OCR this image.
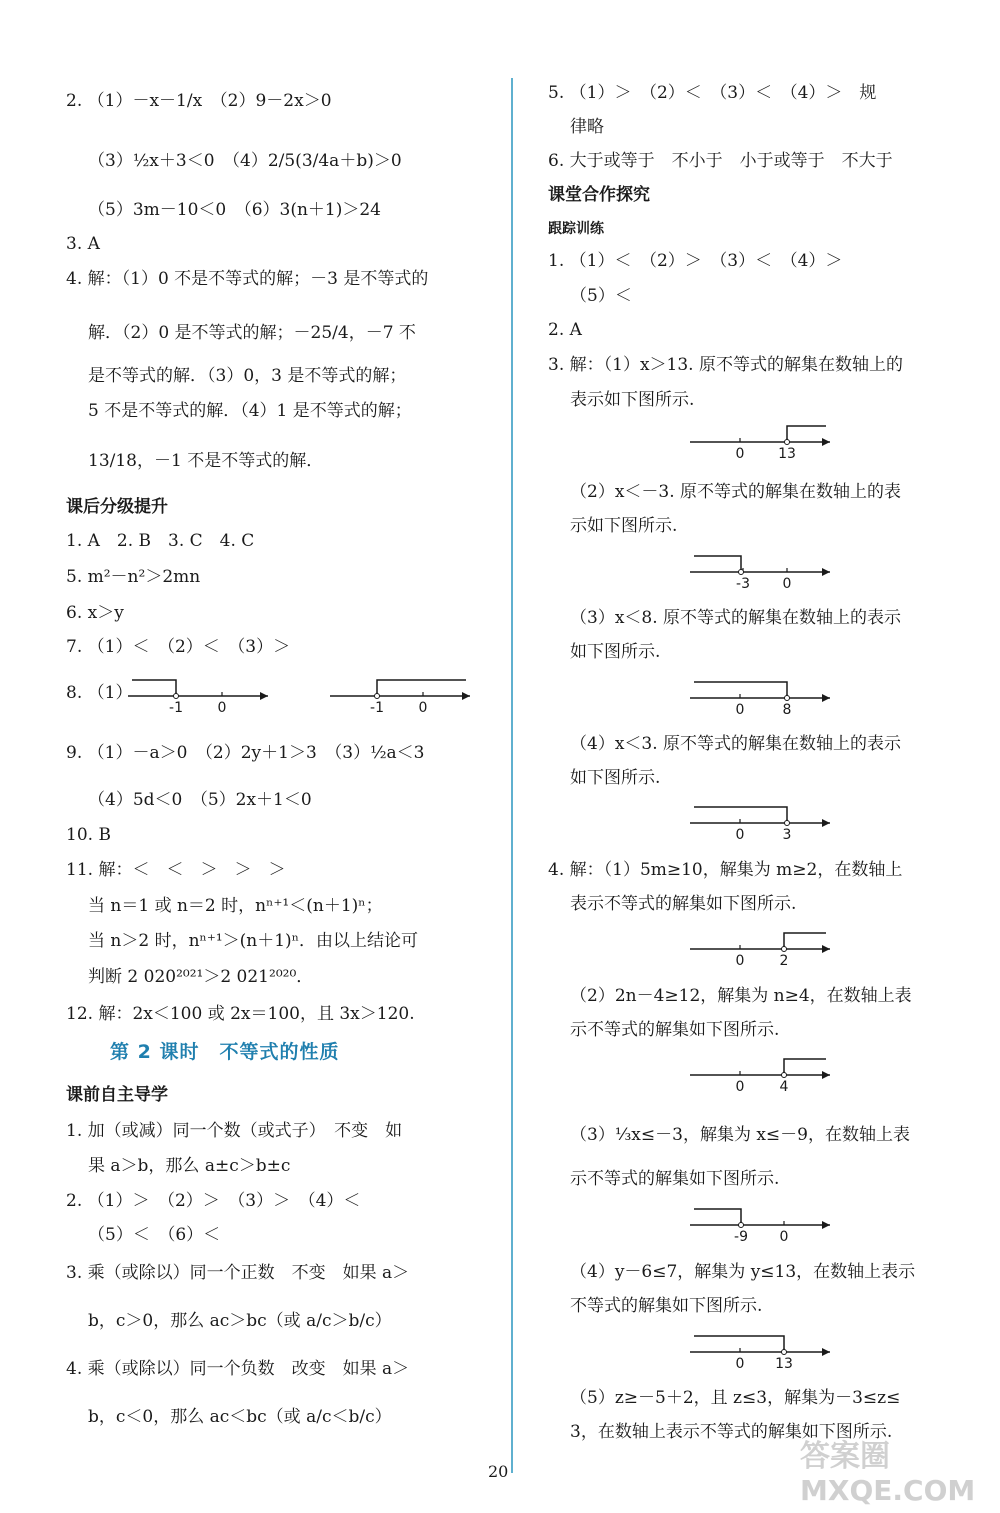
2. （1）－x－1/x　（2）9－2x＞0
（3）½x＋3＜0　（4）2/5(3/4a＋b)＞0
（5）3m－10＜0　（6）3(n＋1)＞24
3. A
4. 解：（1）0 不是不等式的解；－3 是不等式的
解．（2）0 是不等式的解；－25/4，－7 不
是不等式的解．（3）0，3 是不等式的解；
5 不是不等式的解．（4）1 是不等式的解；
13/18，－1 不是不等式的解．
课后分级提升
1. A　2. B　3. C　4. C
5. m²－n²＞2mn
6. x＞y
7. （1）＜　（2）＜　（3）＞
8. （1）
9. （1）－a＞0　（2）2y＋1＞3　（3）½a＜3
（4）5d＜0　（5）2x＋1＜0
10. B
11. 解：＜　＜　＞　＞　＞
当 n＝1 或 n＝2 时，nⁿ⁺¹＜(n＋1)ⁿ；
当 n＞2 时，nⁿ⁺¹＞(n＋1)ⁿ．由以上结论可
判断 2 020²⁰²¹＞2 021²⁰²⁰．
12. 解：2x＜100 或 2x＝100，且 3x＞120.
课前自主导学
1. 加（或减）同一个数（或式子）　不变　如
果 a＞b，那么 a±c＞b±c
2. （1）＞　（2）＞　（3）＞　（4）＜
（5）＜　（6）＜
3. 乘（或除以）同一个正数　不变　如果 a＞
b，c＞0，那么 ac＞bc（或 a/c＞b/c）
4. 乘（或除以）同一个负数　改变　如果 a＞
b，c＜0，那么 ac＜bc（或 a/c＜b/c）
5. （1）＞　（2）＜　（3）＜　（4）＞　规
律略
6. 大于或等于　不小于　小于或等于　不大于
课堂合作探究
跟踪训练
1. （1）＜　（2）＞　（3）＜　（4）＞
（5）＜
2. A
3. 解：（1）x＞13. 原不等式的解集在数轴上的
表示如下图所示.
（2）x＜－3. 原不等式的解集在数轴上的表
示如下图所示.
（3）x＜8. 原不等式的解集在数轴上的表示
如下图所示.
（4）x＜3. 原不等式的解集在数轴上的表示
如下图所示.
4. 解：（1）5m≥10，解集为 m≥2，在数轴上
表示不等式的解集如下图所示.
（2）2n－4≥12，解集为 n≥4，在数轴上表
示不等式的解集如下图所示.
（3）⅓x≤－3，解集为 x≤－9，在数轴上表
示不等式的解集如下图所示.
（4）y－6≤7，解集为 y≤13，在数轴上表示
不等式的解集如下图所示.
（5）z≥－5＋2，且 z≤3，解集为－3≤z≤
3，在数轴上表示不等式的解集如下图所示.
第 2 课时　不等式的性质
20	答案圈
MXQE.COM
0 13
-3 0
0	8
0	3
0	2
0	4
-9 0
0 13
-1 0	-1 0
